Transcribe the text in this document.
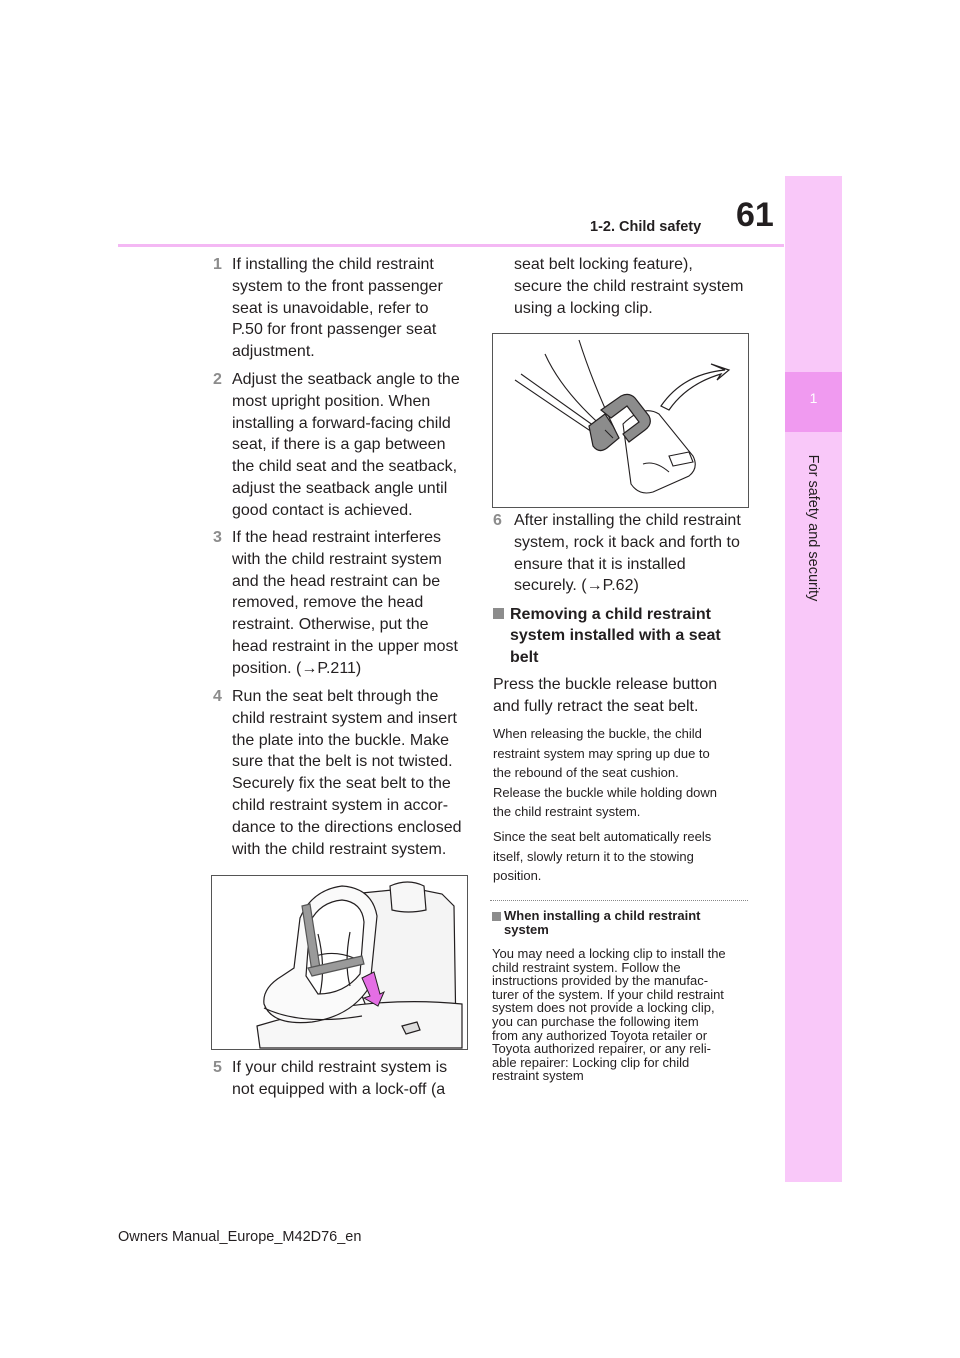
1-2. Child safety 61
1
For safety and security
1 If installing the child restraint
system to the front passenger
seat is unavoidable, refer to
P.50 for front passenger seat
adjustment.
2 Adjust the seatback angle to the
most upright position. When
installing a forward-facing child
seat, if there is a gap between
the child seat and the seatback,
adjust the seatback angle until
good contact is achieved.
3 If the head restraint interferes
with the child restraint system
and the head restraint can be
removed, remove the head
restraint. Otherwise, put the
head restraint in the upper most
position. (→P.211)
4 Run the seat belt through the
child restraint system and insert
the plate into the buckle. Make
sure that the belt is not twisted.
Securely fix the seat belt to the
child restraint system in accor-
dance to the directions enclosed
with the child restraint system.
5 If your child restraint system is
not equipped with a lock-off (a
seat belt locking feature),
secure the child restraint system
using a locking clip.
6 After installing the child restraint
system, rock it back and forth to
ensure that it is installed
securely. (→P.62)
Removing a child restraint
system installed with a seat
belt
Press the buckle release button
and fully retract the seat belt.
When releasing the buckle, the child
restraint system may spring up due to
the rebound of the seat cushion.
Release the buckle while holding down
the child restraint system.
Since the seat belt automatically reels
itself, slowly return it to the stowing
position.
When installing a child restraint
system
You may need a locking clip to install the
child restraint system. Follow the
instructions provided by the manufac-
turer of the system. If your child restraint
system does not provide a locking clip,
you can purchase the following item
from any authorized Toyota retailer or
Toyota authorized repairer, or any reli-
able repairer: Locking clip for child
restraint system
Owners Manual_Europe_M42D76_en
